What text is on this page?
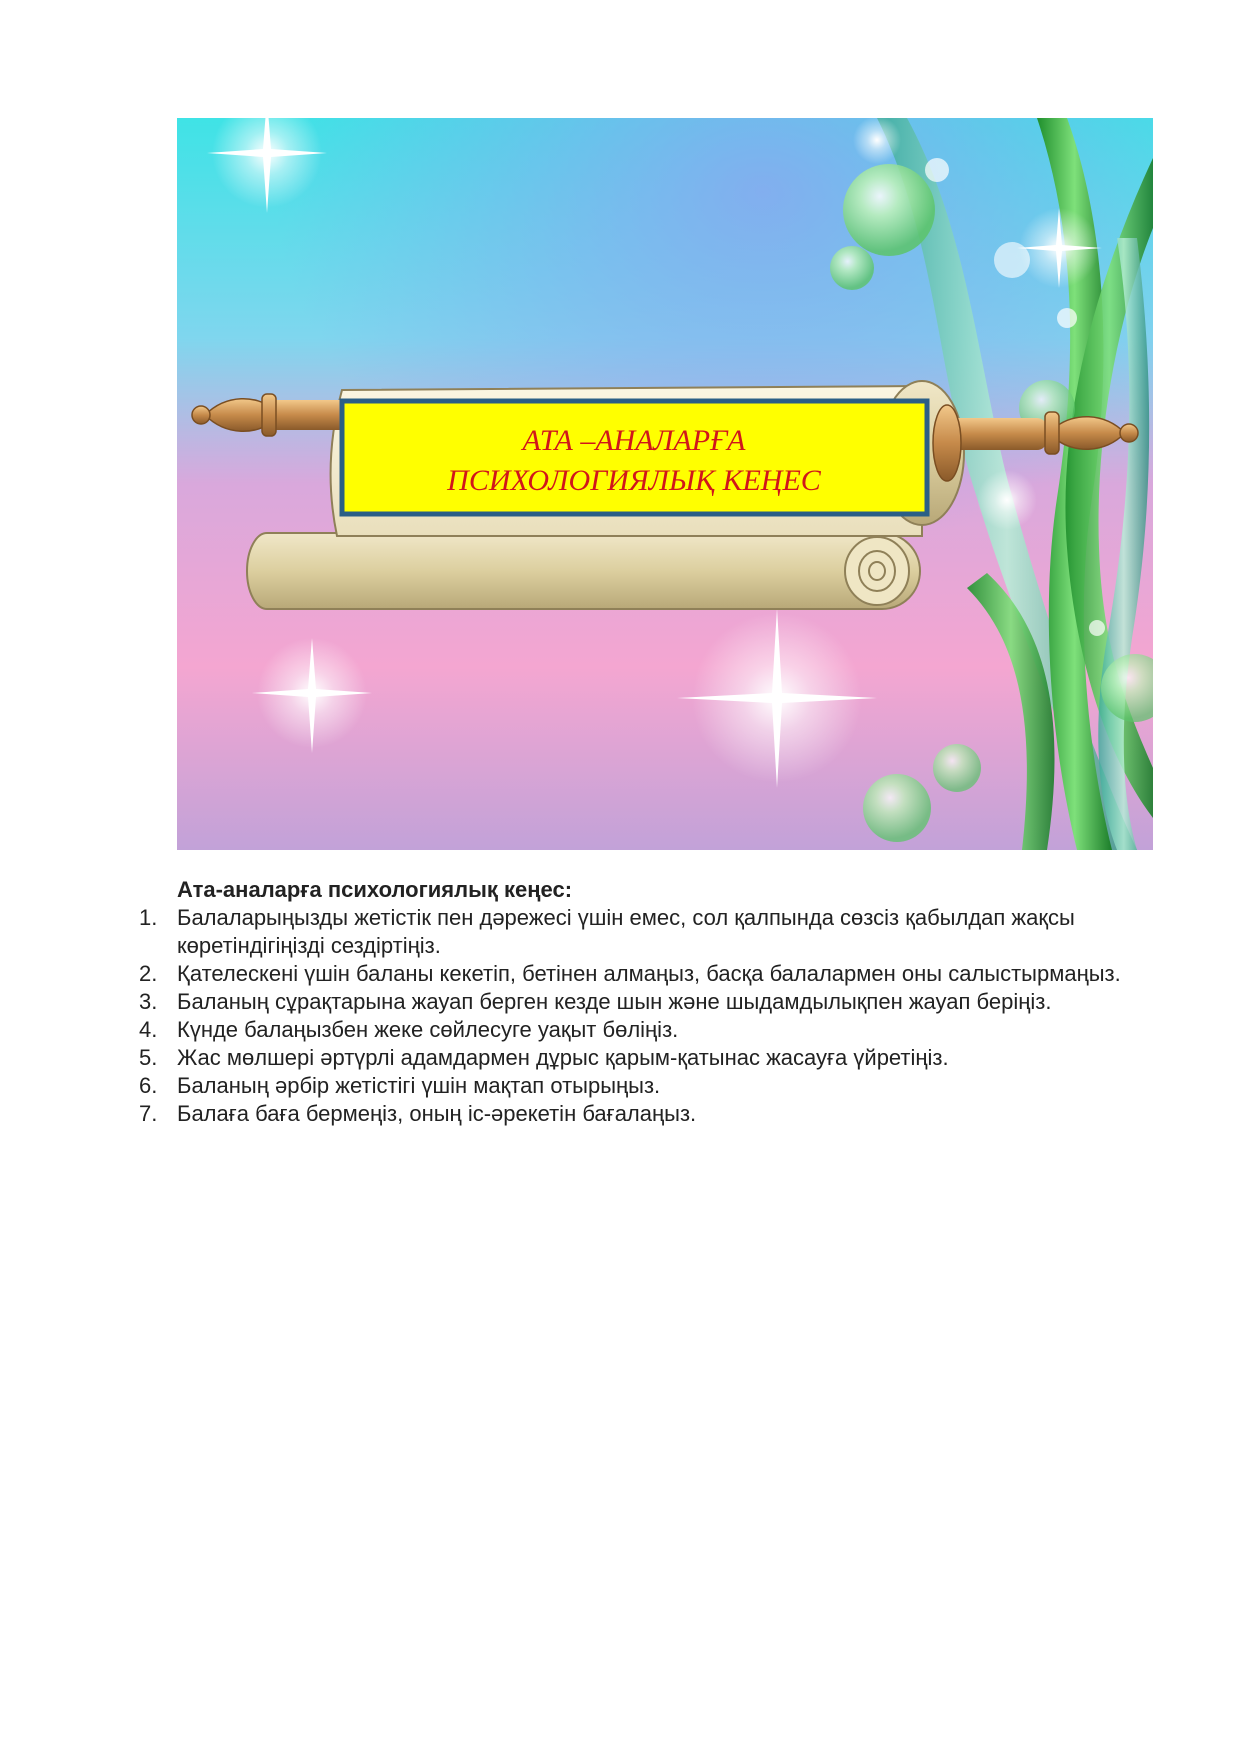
АТА –АНАЛАРҒА
ПСИХОЛОГИЯЛЫҚ КЕҢЕС

Ата-аналарға психологиялық кеңес:

1. Балаларыңызды жетістік пен дәрежесі үшін емес, сол қалпында сөзсіз қабылдап жақсы көретіндігіңізді сездіртіңіз.
2. Қателескені үшін баланы кекетіп, бетінен алмаңыз, басқа балалармен оны салыстырмаңыз.
3. Баланың сұрақтарына жауап берген кезде шын және шыдамдылықпен жауап беріңіз.
4. Күнде балаңызбен жеке сөйлесуге уақыт бөліңіз.
5. Жас мөлшері әртүрлі адамдармен дұрыс қарым-қатынас жасауға үйретіңіз.
6. Баланың әрбір жетістігі үшін мақтап отырыңыз.
7. Балаға баға бермеңіз, оның іс-әрекетін бағалаңыз.
